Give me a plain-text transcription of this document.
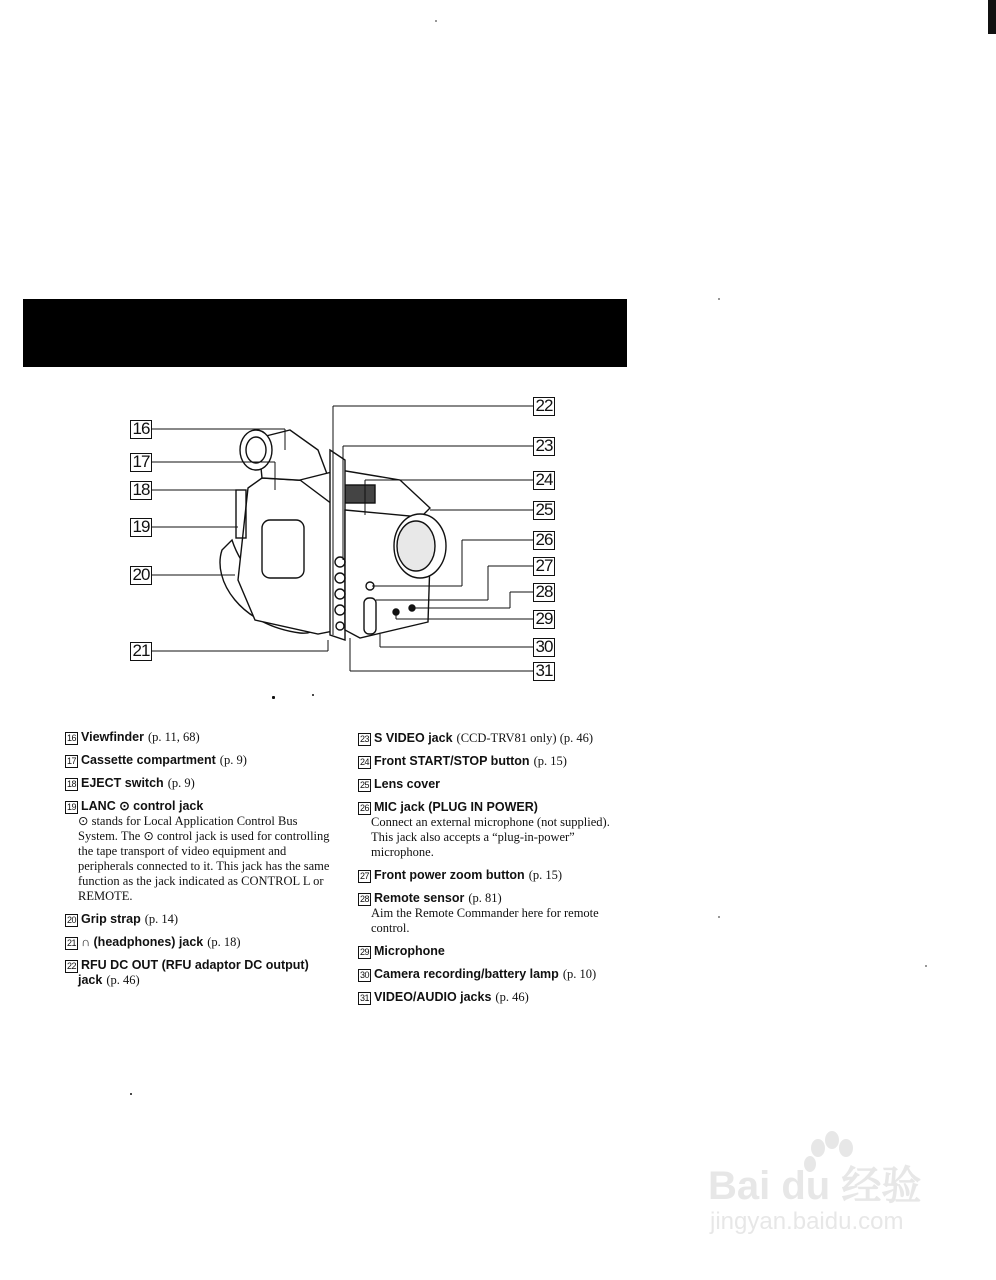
16
17
18
19
20
21
22
23
24
25
26
27
28
29
30
31
16 Viewfinder (p. 11, 68)
17 Cassette compartment (p. 9)
18 EJECT switch (p. 9)
19 LANC ⊙ control jack
⊙ stands for Local Application Control Bus System. The ⊙ control jack is used for controlling the tape transport of video equipment and peripherals connected to it. This jack has the same function as the jack indicated as CONTROL L or REMOTE.
20 Grip strap (p. 14)
21 ∩ (headphones) jack (p. 18)
22 RFU DC OUT (RFU adaptor DC output)
jack (p. 46)
23 S VIDEO jack (CCD-TRV81 only) (p. 46)
24 Front START/STOP button (p. 15)
25 Lens cover
26 MIC jack (PLUG IN POWER)
Connect an external microphone (not supplied). This jack also accepts a “plug-in-power” microphone.
27 Front power zoom button (p. 15)
28 Remote sensor (p. 81)
Aim the Remote Commander here for remote control.
29 Microphone
30 Camera recording/battery lamp (p. 10)
31 VIDEO/AUDIO jacks (p. 46)
Bai du 经验
jingyan.baidu.com
